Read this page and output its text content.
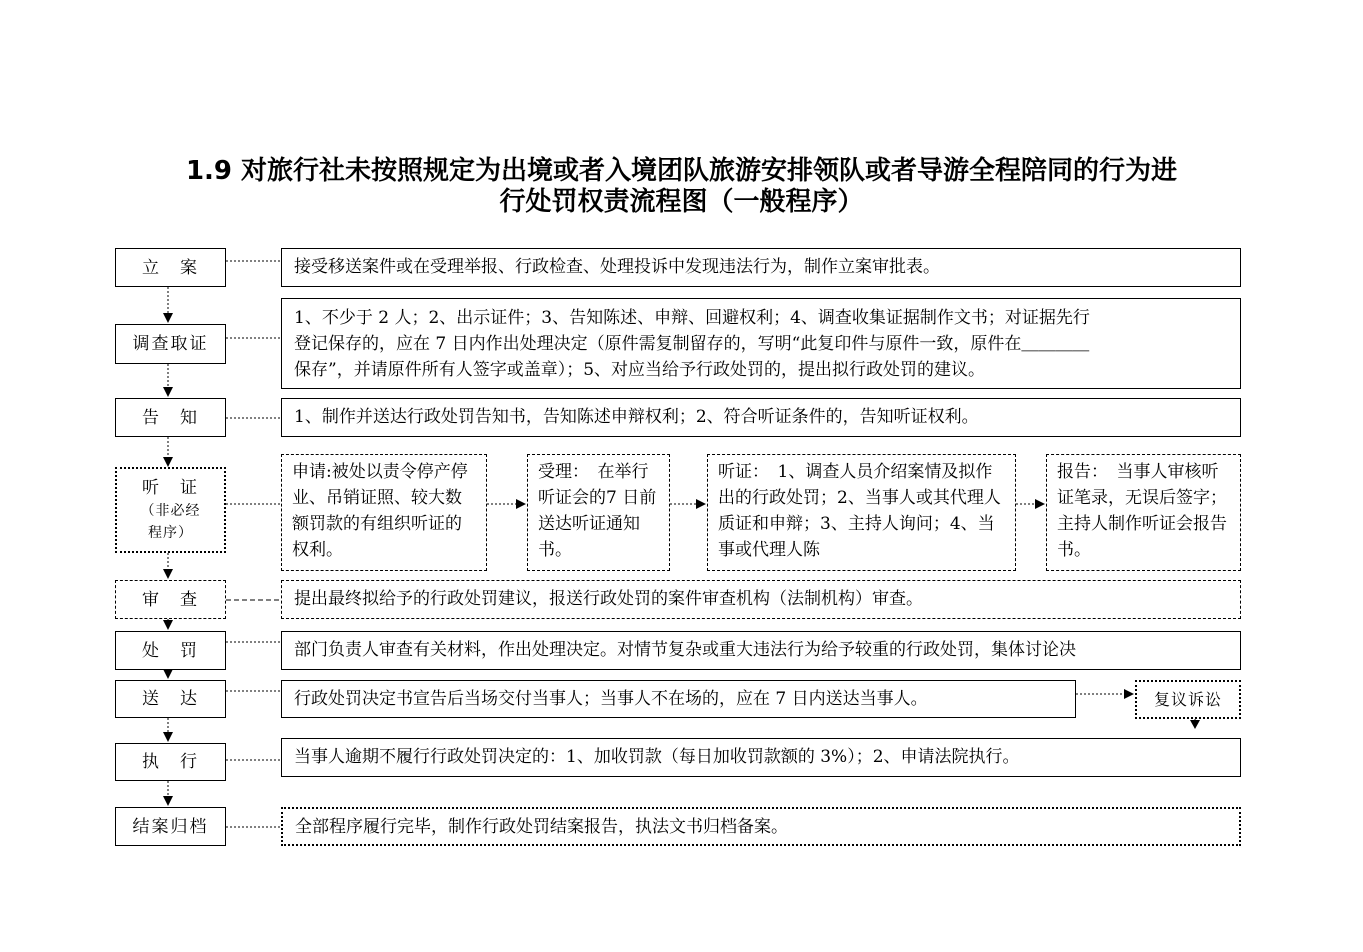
1.9 对旅行社未按照规定为出境或者入境团队旅游安排领队或者导游全程陪同的行为进
行处罚权责流程图（一般程序）
立　案
调查取证
告　知
听　证
（非必经
程序）
审　查
处　罚
送　达
执　行
结案归档
接受移送案件或在受理举报、行政检查、处理投诉中发现违法行为，制作立案审批表。
1、不少于 2 人；2、出示证件；3、告知陈述、申辩、回避权利；4、调查收集证据制作文书；对证据先行
登记保存的，应在 7 日内作出处理决定（原件需复制留存的，写明“此复印件与原件一致，原件在＿＿＿＿
保存”，并请原件所有人签字或盖章）；5、对应当给予行政处罚的，提出拟行政处罚的建议。
1、制作并送达行政处罚告知书，告知陈述申辩权利；2、符合听证条件的，告知听证权利。
申请:被处以责令停产停业、吊销证照、较大数额罚款的有组织听证的权利。
受理：　在举行听证会的7 日前送达听证通知书。
听证：　1、调查人员介绍案情及拟作出的行政处罚；2、当事人或其代理人质证和申辩；3、主持人询问；4、当事或代理人陈
报告：　当事人审核听证笔录，无误后签字；主持人制作听证会报告书。
提出最终拟给予的行政处罚建议，报送行政处罚的案件审查机构（法制机构）审查。
部门负责人审查有关材料，作出处理决定。对情节复杂或重大违法行为给予较重的行政处罚，集体讨论决
行政处罚决定书宣告后当场交付当事人；当事人不在场的，应在 7 日内送达当事人。	复议诉讼
当事人逾期不履行行政处罚决定的：1、加收罚款（每日加收罚款额的 3%）；2、申请法院执行。
全部程序履行完毕，制作行政处罚结案报告，执法文书归档备案。
